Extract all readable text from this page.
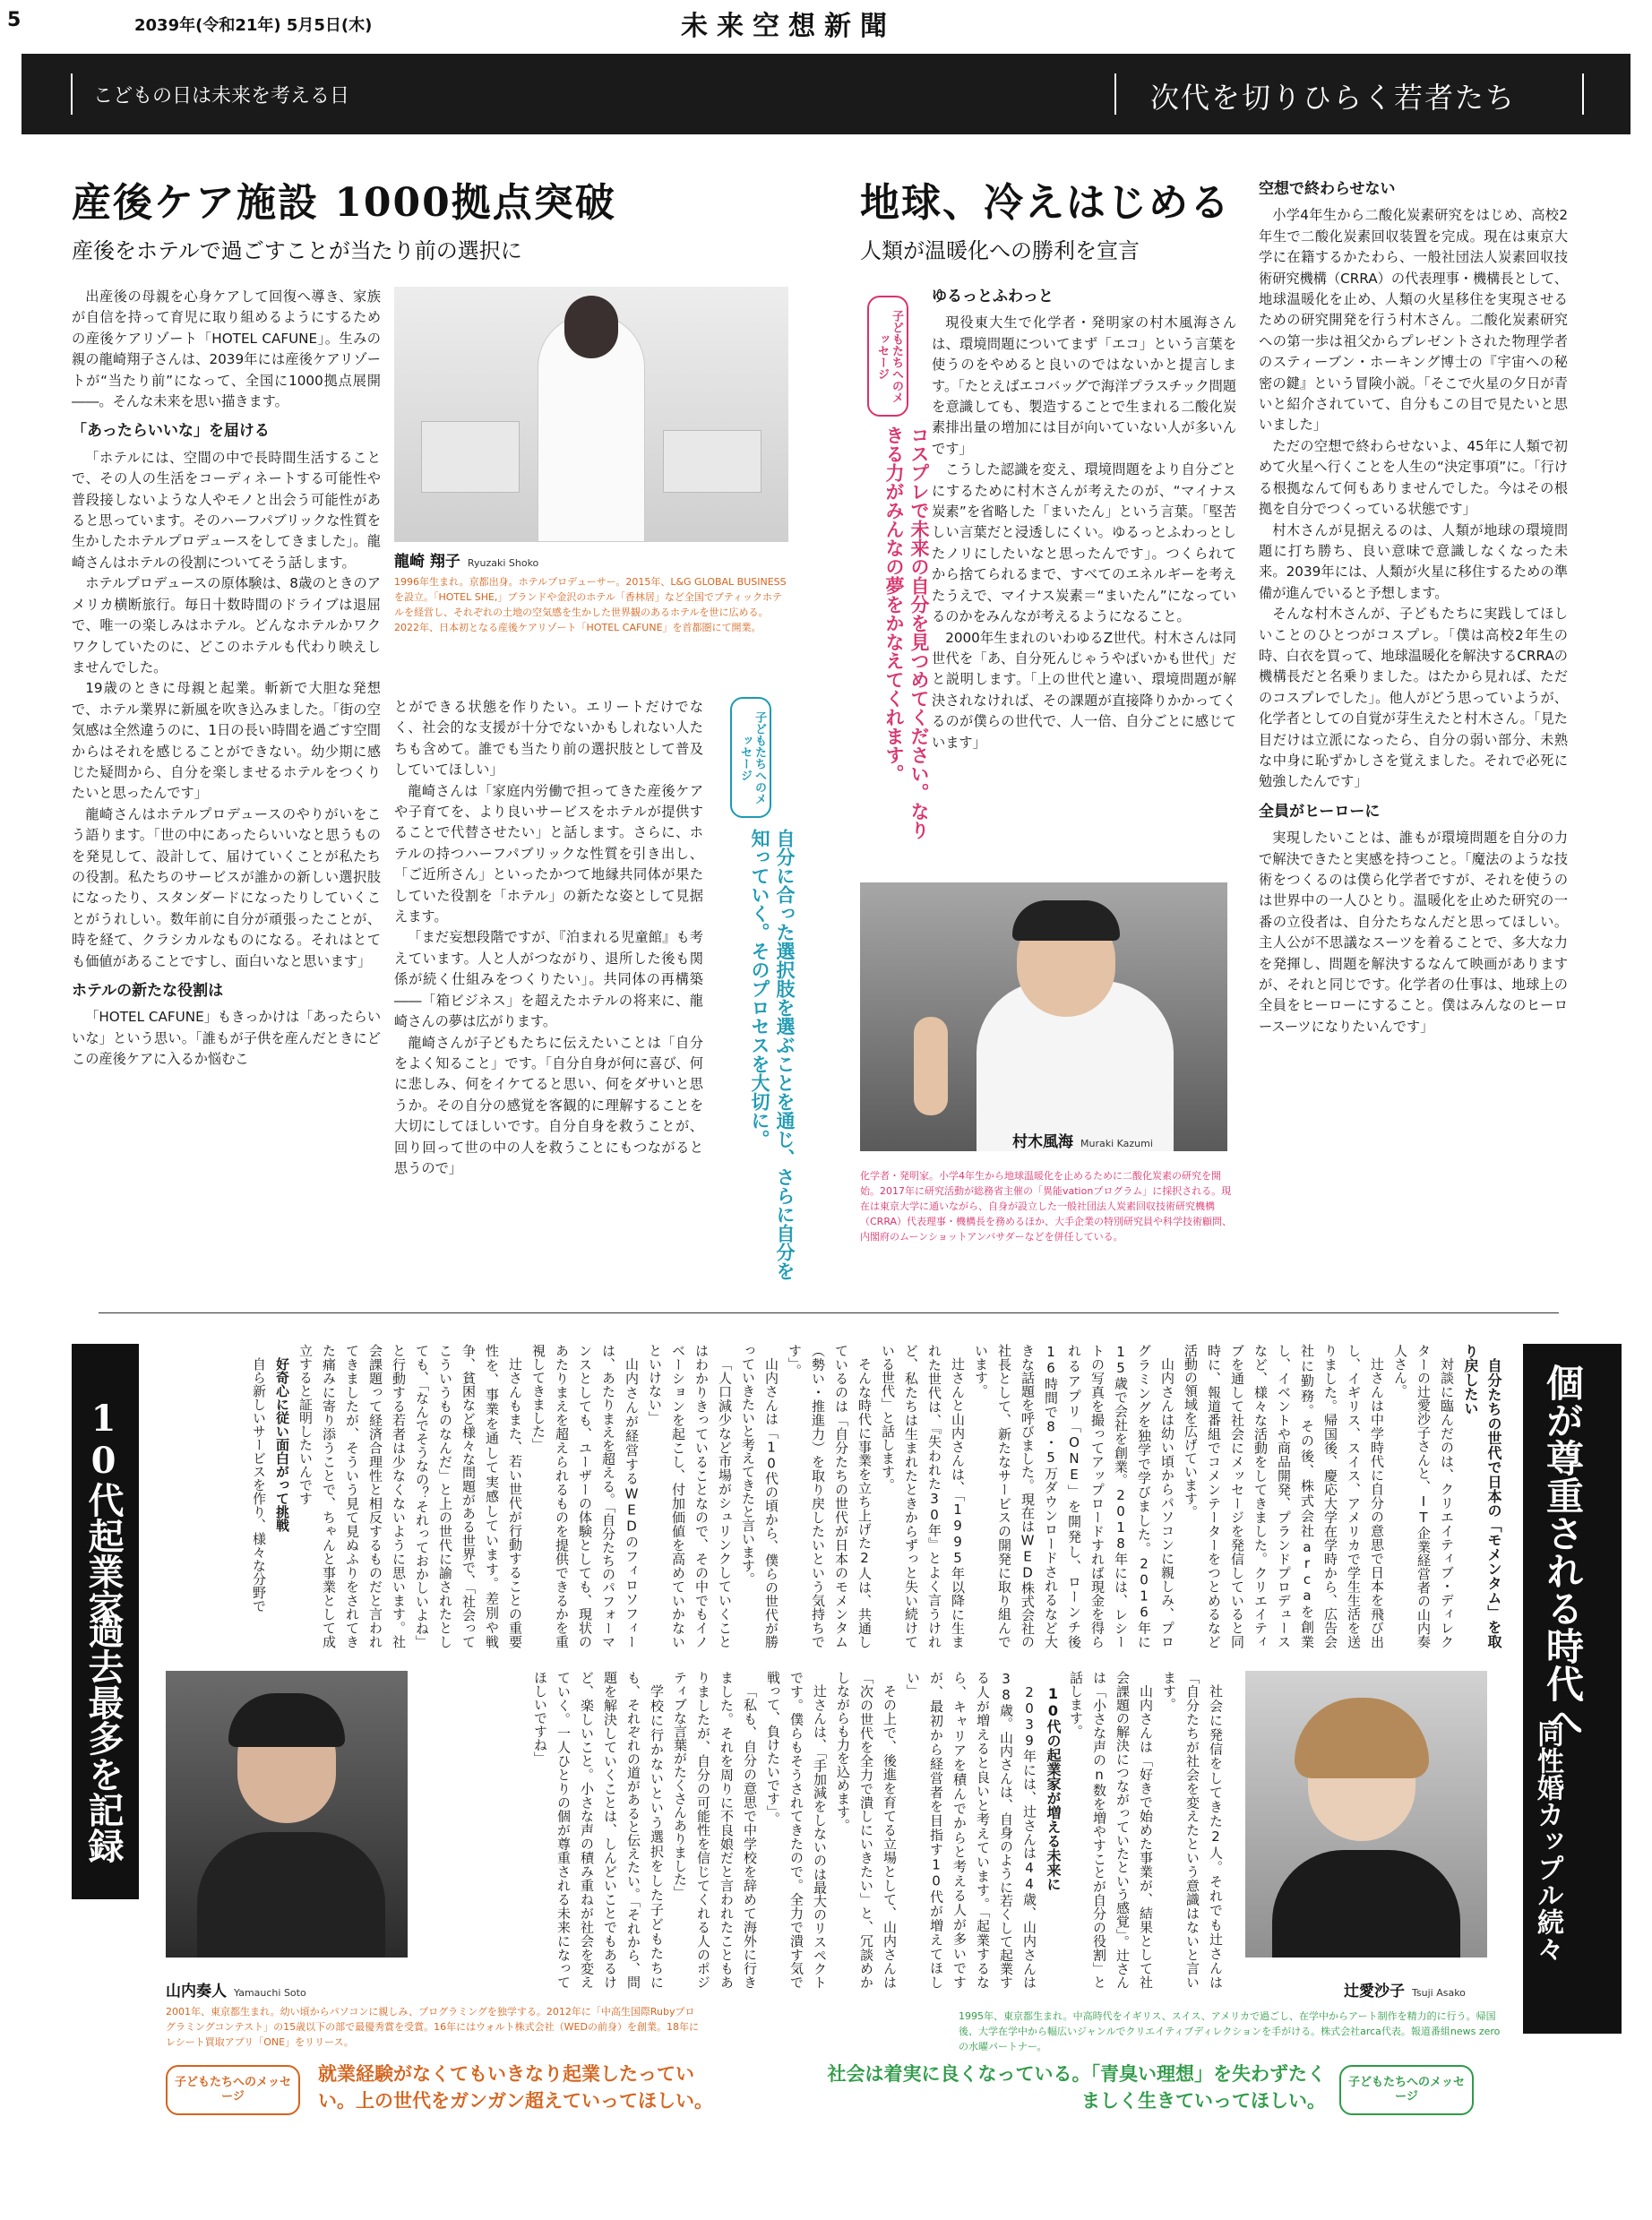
5	2039年(令和21年) 5月5日(木)	未来空想新聞
こどもの日は未来を考える日	次代を切りひらく若者たち
産後ケア施設 1000拠点突破
産後をホテルで過ごすことが当たり前の選択に

出産後の母親を心身ケアして回復へ導き、家族が自信を持って育児に取り組めるようにするための産後ケアリゾート「HOTEL CAFUNE」。生みの親の龍崎翔子さんは、2039年には産後ケアリゾートが“当たり前”になって、全国に1000拠点展開――。そんな未来を思い描きます。

「あったらいいな」を届ける

「ホテルには、空間の中で長時間生活することで、その人の生活をコーディネートする可能性や普段接しないような人やモノと出会う可能性があると思っています。そのハーフパブリックな性質を生かしたホテルプロデュースをしてきました」。龍崎さんはホテルの役割についてそう話します。

ホテルプロデュースの原体験は、8歳のときのアメリカ横断旅行。毎日十数時間のドライブは退屈で、唯一の楽しみはホテル。どんなホテルかワクワクしていたのに、どこのホテルも代わり映えしませんでした。

19歳のときに母親と起業。斬新で大胆な発想で、ホテル業界に新風を吹き込みました。「街の空気感は全然違うのに、1日の長い時間を過ごす空間からはそれを感じることができない。幼少期に感じた疑問から、自分を楽しませるホテルをつくりたいと思ったんです」

龍崎さんはホテルプロデュースのやりがいをこう語ります。「世の中にあったらいいなと思うものを発見して、設計して、届けていくことが私たちの役割。私たちのサービスが誰かの新しい選択肢になったり、スタンダードになったりしていくことがうれしい。数年前に自分が頑張ったことが、時を経て、クラシカルなものになる。それはとても価値があることですし、面白いなと思います」

ホテルの新たな役割は

「HOTEL CAFUNE」もきっかけは「あったらいいな」という思い。「誰もが子供を産んだときにどこの産後ケアに入るか悩むこ

龍崎 翔子 Ryuzaki Shoko
1996年生まれ。京都出身。ホテルプロデューサー。2015年、L&G GLOBAL BUSINESSを設立。「HOTEL SHE,」ブランドや金沢のホテル「香林居」など全国でブティックホテルを経営し、それぞれの土地の空気感を生かした世界観のあるホテルを世に広める。2022年、日本初となる産後ケアリゾート「HOTEL CAFUNE」を首都圏にて開業。

とができる状態を作りたい。エリートだけでなく、社会的な支援が十分でないかもしれない人たちも含めて。誰でも当たり前の選択肢として普及していてほしい」

龍崎さんは「家庭内労働で担ってきた産後ケアや子育てを、より良いサービスをホテルが提供することで代替させたい」と話します。さらに、ホテルの持つハーフパブリックな性質を引き出し、「ご近所さん」といったかつて地縁共同体が果たしていた役割を「ホテル」の新たな姿として見据えます。

「まだ妄想段階ですが、『泊まれる児童館』も考えています。人と人がつながり、退所した後も関係が続く仕組みをつくりたい」。共同体の再構築――「箱ビジネス」を超えたホテルの将来に、龍崎さんの夢は広がります。

龍崎さんが子どもたちに伝えたいことは「自分をよく知ること」です。「自分自身が何に喜び、何に悲しみ、何をイケてると思い、何をダサいと思うか。その自分の感覚を客観的に理解することを大切にしてほしいです。自分自身を救うことが、回り回って世の中の人を救うことにもつながると思うので」

子どもたちへのメッセージ
自分に合った選択肢を選ぶことを通じ、さらに自分を知っていく。そのプロセスを大切に。
地球、冷えはじめる
人類が温暖化への勝利を宣言
子どもたちへのメッセージ
コスプレで未来の自分を見つめてください。なりきる力がみんなの夢をかなえてくれます。
ゆるっとふわっと

現役東大生で化学者・発明家の村木風海さんは、環境問題についてまず「エコ」という言葉を使うのをやめると良いのではないかと提言します。「たとえばエコバッグで海洋プラスチック問題を意識しても、製造することで生まれる二酸化炭素排出量の増加には目が向いていない人が多いんです」

こうした認識を変え、環境問題をより自分ごとにするために村木さんが考えたのが、“マイナス炭素”を省略した「まいたん」という言葉。「堅苦しい言葉だと浸透しにくい。ゆるっとふわっとしたノリにしたいなと思ったんです」。つくられてから捨てられるまで、すべてのエネルギーを考えたうえで、マイナス炭素＝“まいたん”になっているのかをみんなが考えるようになること。

2000年生まれのいわゆるZ世代。村木さんは同世代を「あ、自分死んじゃうやばいかも世代」だと説明します。「上の世代と違い、環境問題が解決されなければ、その課題が直接降りかかってくるのが僕らの世代で、人一倍、自分ごとに感じています」

村木風海 Muraki Kazumi
化学者・発明家。小学4年生から地球温暖化を止めるために二酸化炭素の研究を開始。2017年に研究活動が総務省主催の「異能vationプログラム」に採択される。現在は東京大学に通いながら、自身が設立した一般社団法人炭素回収技術研究機構（CRRA）代表理事・機構長を務めるほか、大手企業の特別研究員や科学技術顧問、内閣府のムーンショットアンバサダーなどを併任している。
空想で終わらせない

小学4年生から二酸化炭素研究をはじめ、高校2年生で二酸化炭素回収装置を完成。現在は東京大学に在籍するかたわら、一般社団法人炭素回収技術研究機構（CRRA）の代表理事・機構長として、地球温暖化を止め、人類の火星移住を実現させるための研究開発を行う村木さん。二酸化炭素研究への第一歩は祖父からプレゼントされた物理学者のスティーブン・ホーキング博士の『宇宙への秘密の鍵』という冒険小説。「そこで火星の夕日が青いと紹介されていて、自分もこの目で見たいと思いました」

ただの空想で終わらせないよ、45年に人類で初めて火星へ行くことを人生の“決定事項”に。「行ける根拠なんて何もありませんでした。今はその根拠を自分でつくっている状態です」

村木さんが見据えるのは、人類が地球の環境問題に打ち勝ち、良い意味で意識しなくなった未来。2039年には、人類が火星に移住するための準備が進んでいると予想します。

そんな村木さんが、子どもたちに実践してほしいことのひとつがコスプレ。「僕は高校2年生の時、白衣を買って、地球温暖化を解決するCRRAの機構長だと名乗りました。はたから見れば、ただのコスプレでした」。他人がどう思っていようが、化学者としての自覚が芽生えたと村木さん。「見た目だけは立派になったら、自分の弱い部分、未熟な中身に恥ずかしさを覚えました。それで必死に勉強したんです」

全員がヒーローに

実現したいことは、誰もが環境問題を自分の力で解決できたと実感を持つこと。「魔法のような技術をつくるのは僕ら化学者ですが、それを使うのは世界中の一人ひとり。温暖化を止めた研究の一番の立役者は、自分たちなんだと思ってほしい。主人公が不思議なスーツを着ることで、多大な力を発揮し、問題を解決するなんて映画がありますが、それと同じです。化学者の仕事は、地球上の全員をヒーローにすること。僕はみんなのヒーロースーツになりたいんです」

個が尊重される時代へ
同性婚カップル続々
10代起業家
過去最多を記録

自分たちの世代で日本の「モメンタム」を取り戻したい

対談に臨んだのは、クリエイティブ・ディレクターの辻愛沙子さんと、IT企業経営者の山内奏人さん。

辻さんは中学時代に自分の意思で日本を飛び出し、イギリス、スイス、アメリカで学生生活を送りました。帰国後、慶応大学在学時から、広告会社に勤務。その後、株式会社arcaを創業し、イベントや商品開発、プランドプロデュースなど、様々な活動をしてきました。クリエイティブを通して社会にメッセージを発信していると同時に、報道番組でコメンテーターをつとめるなど活動の領域を広げています。

山内さんは幼い頃からパソコンに親しみ、プログラミングを独学で学びました。2016年に15歳で会社を創業。2018年には、レシートの写真を撮ってアップロードすれば現金を得られるアプリ「ONE」を開発し、ローンチ後16時間で8・5万ダウンロードされるなど大きな話題を呼びました。現在はWED株式会社の社長として、新たなサービスの開発に取り組んでいます。

辻さんと山内さんは、「1995年以降に生まれた世代は、『失われた30年』とよく言うけれど、私たちは生まれたときからずっと失い続けている世代」と話します。

そんな時代に事業を立ち上げた2人は、共通しているのは「自分たちの世代が日本のモメンタム（勢い・推進力）を取り戻したいという気持ちです」。

山内さんは「10代の頃から、僕らの世代が勝っていきたいと考えてきたと言います。

「人口減少など市場がシュリンクしていくことはわかりきっていることなので、その中でもイノベーションを起こし、付加価値を高めていかないといけない」

山内さんが経営するWEDのフィロソフィーは、あたりまえを超える。「自分たちのパフォーマンスとしても、ユーザーの体験としても、現状のあたりまえを超えられるものを提供できるかを重視してきました」

辻さんもまた、若い世代が行動することの重要性を、事業を通して実感しています。差別や戦争、貧困など様々な問題がある世界で、「社会ってこういうものなんだ」と上の世代に諭されたとしても、「なんでそうなの？それっておかしいよね」と行動する若者は少なくないように思います。社会課題って経済合理性と相反するものだと言われてきましたが、そういう見て見ぬふりをされてきた痛みに寄り添うことで、ちゃんと事業として成立すると証明したいんです

好奇心に従い面白がって挑戦

自ら新しいサービスを作り、様々な分野で

社会に発信をしてきた2人。それでも辻さんは「自分たちが社会を変えたという意識はないと言います。

山内さんは「好きで始めた事業が、結果として社会課題の解決につながっていたという感覚」。辻さんは「小さな声のn数を増やすことが自分の役割」と話します。

10代の起業家が増える未来に

2039年には、辻さんは44歳、山内さんは38歳。山内さんは、自身のように若くして起業する人が増えると良いと考えています。「起業するなら、キャリアを積んでからと考える人が多いですが、最初から経営者を目指す10代が増えてほしい」

その上で、後進を育てる立場として、山内さんは「次の世代を全力で潰しにいきたい」と、冗談めかしながらも力を込めます。

辻さんは、「手加減をしないのは最大のリスペクトです。僕らもそうされてきたので。全力で潰す気で戦って、負けたいです」。

「私も、自分の意思で中学校を辞めて海外に行きました。それを周りに不良娘だと言われたこともありましたが、自分の可能性を信じてくれる人のポジティブな言葉がたくさんありました」

学校に行かないという選択をした子どもたちにも、それぞれの道があると伝えたい。「それから、問題を解決していくことは、しんどいことでもあるけど、楽しいこと。小さな声の積み重ねが社会を変えていく。一人ひとりの個が尊重される未来になってほしいですね」

山内奏人 Yamauchi Soto
2001年、東京都生まれ。幼い頃からパソコンに親しみ、プログラミングを独学する。2012年に「中高生国際Rubyプログラミングコンテスト」の15歳以下の部で最優秀賞を受賞。16年にはウォルト株式会社（WEDの前身）を創業。18年にレシート買取アプリ「ONE」をリリース。
辻愛沙子 Tsuji Asako
1995年、東京都生まれ。中高時代をイギリス、スイス、アメリカで過ごし、在学中からアート制作を精力的に行う。帰国後、大学在学中から幅広いジャンルでクリエイティブディレクションを手がける。株式会社arca代表。報道番組news zeroの水曜パートナー。
子どもたちへのメッセージ
就業経験がなくてもいきなり起業したっていい。上の世代をガンガン超えていってほしい。
社会は着実に良くなっている。「青臭い理想」を失わずたくましく生きていってほしい。
子どもたちへのメッセージ
